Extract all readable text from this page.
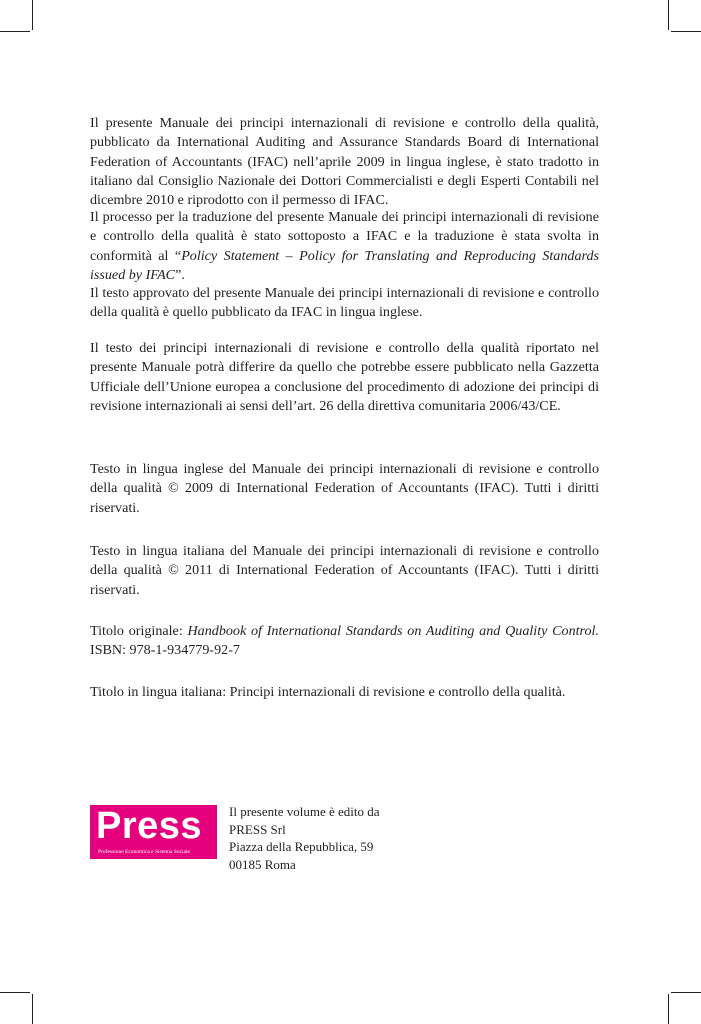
Il presente Manuale dei principi internazionali di revisione e controllo della qualità, pubblicato da International Auditing and Assurance Standards Board di International Federation of Accountants (IFAC) nell’aprile 2009 in lingua inglese, è stato tradotto in italiano dal Consiglio Nazionale dei Dottori Commercialisti e degli Esperti Contabili nel dicembre 2010 e riprodotto con il permesso di IFAC.

Il processo per la traduzione del presente Manuale dei principi internazionali di revisione e controllo della qualità è stato sottoposto a IFAC e la traduzione è stata svolta in conformità al “Policy Statement – Policy for Translating and Reproducing Standards issued by IFAC”.

Il testo approvato del presente Manuale dei principi internazionali di revisione e controllo della qualità è quello pubblicato da IFAC in lingua inglese.

Il testo dei principi internazionali di revisione e controllo della qualità riportato nel presente Manuale potrà differire da quello che potrebbe essere pubblicato nella Gazzetta Ufficiale dell’Unione europea a conclusione del procedimento di adozione dei principi di revisione internazionali ai sensi dell’art. 26 della direttiva comunitaria 2006/43/CE.

Testo in lingua inglese del Manuale dei principi internazionali di revisione e controllo della qualità © 2009 di International Federation of Accountants (IFAC). Tutti i diritti riservati.

Testo in lingua italiana del Manuale dei principi internazionali di revisione e controllo della qualità © 2011 di International Federation of Accountants (IFAC). Tutti i diritti riservati.

Titolo originale: Handbook of International Standards on Auditing and Quality Control. ISBN: 978-1-934779-92-7

Titolo in lingua italiana: Principi internazionali di revisione e controllo della qualità.

Press
Professione Economica e Sistema Sociale
Il presente volume è edito da
PRESS Srl
Piazza della Repubblica, 59
00185 Roma
